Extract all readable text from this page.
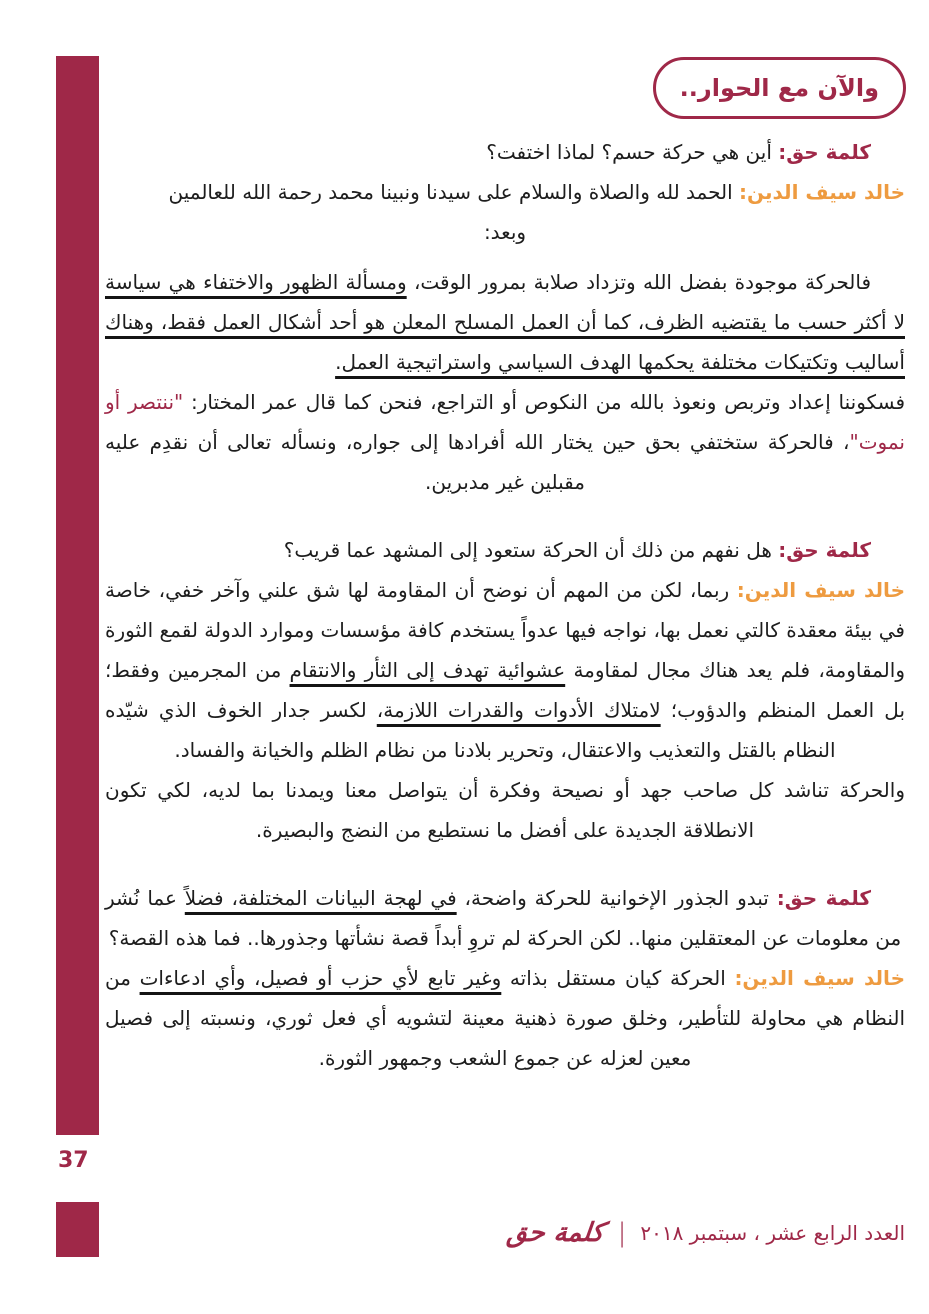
والآن مع الحوار..

كلمة حق: أين هي حركة حسم؟ لماذا اختفت؟

خالد سيف الدين: الحمد لله والصلاة والسلام على سيدنا ونبينا محمد رحمة الله للعالمين

وبعد:

فالحركة موجودة بفضل الله وتزداد صلابة بمرور الوقت، ومسألة الظهور والاختفاء هي سياسة لا أكثر حسب ما يقتضيه الظرف، كما أن العمل المسلح المعلن هو أحد أشكال العمل فقط، وهناك أساليب وتكتيكات مختلفة يحكمها الهدف السياسي واستراتيجية العمل.

فسكوننا إعداد وتربص ونعوذ بالله من النكوص أو التراجع، فنحن كما قال عمر المختار: "ننتصر أو نموت"، فالحركة ستختفي بحق حين يختار الله أفرادها إلى جواره، ونسأله تعالى أن نقدِم عليه مقبلين غير مدبرين.

كلمة حق: هل نفهم من ذلك أن الحركة ستعود إلى المشهد عما قريب؟

خالد سيف الدين: ربما، لكن من المهم أن نوضح أن المقاومة لها شق علني وآخر خفي، خاصة في بيئة معقدة كالتي نعمل بها، نواجه فيها عدواً يستخدم كافة مؤسسات وموارد الدولة لقمع الثورة والمقاومة، فلم يعد هناك مجال لمقاومة عشوائية تهدف إلى الثأر والانتقام من المجرمين وفقط؛ بل العمل المنظم والدؤوب؛ لامتلاك الأدوات والقدرات اللازمة، لكسر جدار الخوف الذي شيّده النظام بالقتل والتعذيب والاعتقال، وتحرير بلادنا من نظام الظلم والخيانة والفساد.

والحركة تناشد كل صاحب جهد أو نصيحة وفكرة أن يتواصل معنا ويمدنا بما لديه، لكي تكون الانطلاقة الجديدة على أفضل ما نستطيع من النضج والبصيرة.

كلمة حق: تبدو الجذور الإخوانية للحركة واضحة، في لهجة البيانات المختلفة، فضلاً عما نُشر من معلومات عن المعتقلين منها.. لكن الحركة لم تروِ أبداً قصة نشأتها وجذورها.. فما هذه القصة؟

خالد سيف الدين: الحركة كيان مستقل بذاته وغير تابع لأي حزب أو فصيل، وأي ادعاءات من النظام هي محاولة للتأطير، وخلق صورة ذهنية معينة لتشويه أي فعل ثوري، ونسبته إلى فصيل معين لعزله عن جموع الشعب وجمهور الثورة.

37
العدد الرابع عشر ، سبتمبر ٢٠١٨
|
كلمة حق
